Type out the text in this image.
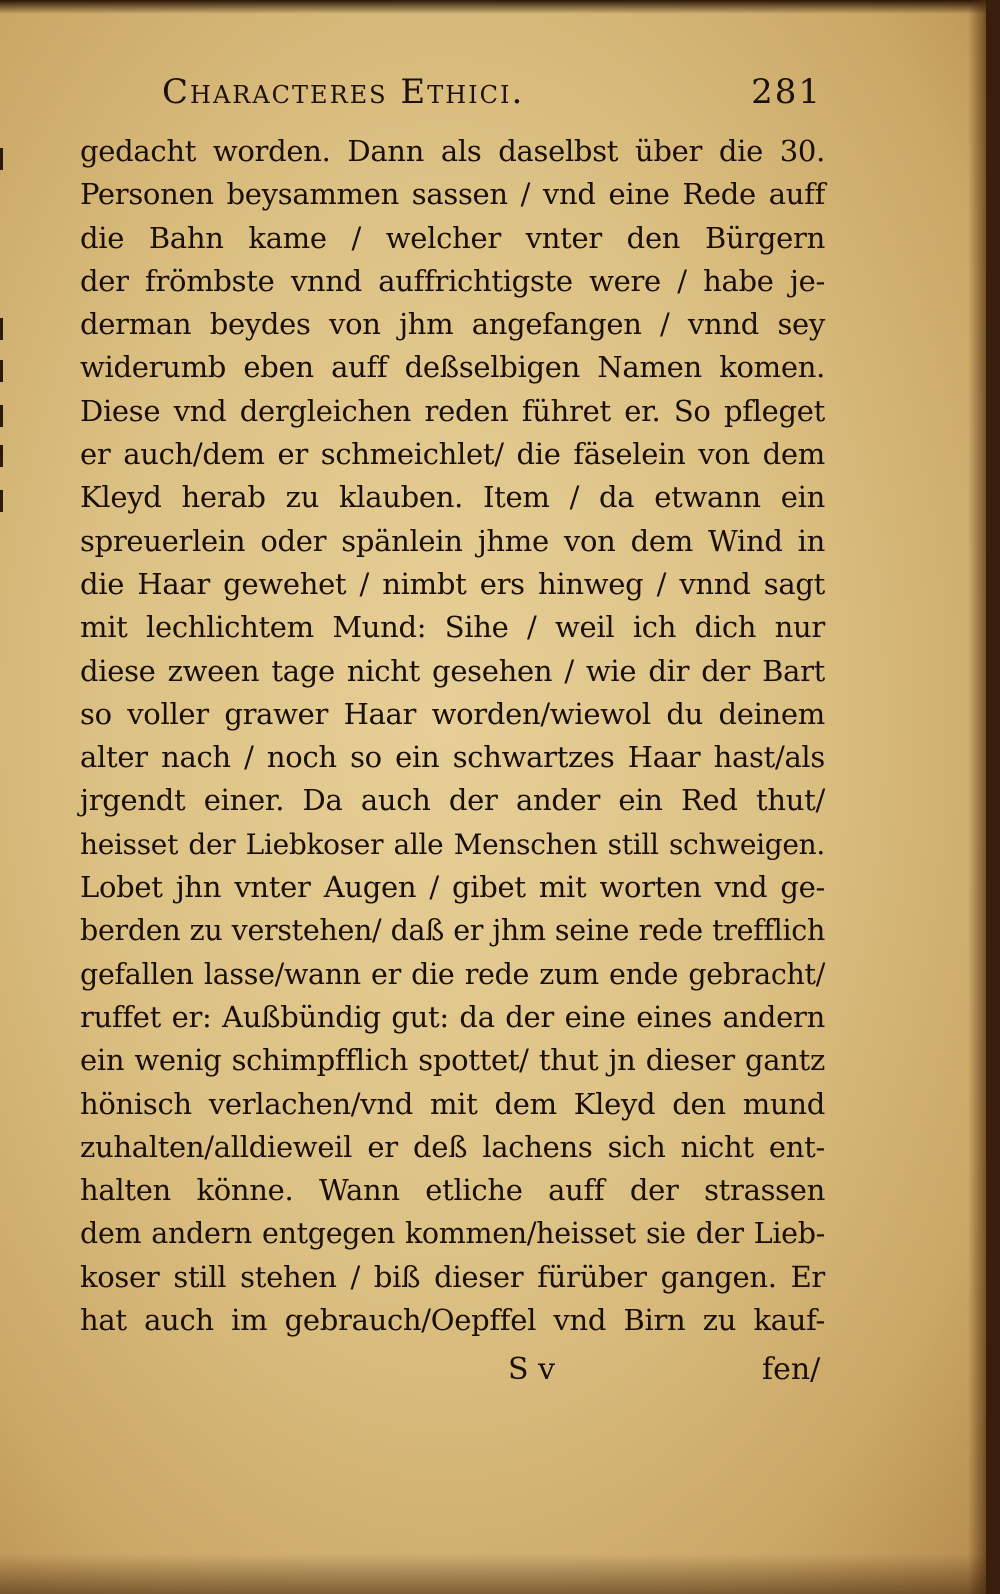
Characteres Ethici.	281
gedacht worden. Dann als daselbst über die 30.
Personen beysammen sassen / vnd eine Rede auff
die Bahn kame / welcher vnter den Bürgern
der frömbste vnnd auffrichtigste were / habe je-
derman beydes von jhm angefangen / vnnd sey
widerumb eben auff deßselbigen Namen komen.
Diese vnd dergleichen reden führet er. So pfleget
er auch/dem er schmeichlet/ die fäselein von dem
Kleyd herab zu klauben. Item / da etwann ein
spreuerlein oder spänlein jhme von dem Wind in
die Haar gewehet / nimbt ers hinweg / vnnd sagt
mit lechlichtem Mund: Sihe / weil ich dich nur
diese zween tage nicht gesehen / wie dir der Bart
so voller grawer Haar worden/wiewol du deinem
alter nach / noch so ein schwartzes Haar hast/als
jrgendt einer. Da auch der ander ein Red thut/
heisset der Liebkoser alle Menschen still schweigen.
Lobet jhn vnter Augen / gibet mit worten vnd ge-
berden zu verstehen/ daß er jhm seine rede trefflich
gefallen lasse/wann er die rede zum ende gebracht/
ruffet er: Außbündig gut: da der eine eines andern
ein wenig schimpfflich spottet/ thut jn dieser gantz
hönisch verlachen/vnd mit dem Kleyd den mund
zuhalten/alldieweil er deß lachens sich nicht ent-
halten könne. Wann etliche auff der strassen
dem andern entgegen kommen/heisset sie der Lieb-
koser still stehen / biß dieser fürüber gangen. Er
hat auch im gebrauch/Oepffel vnd Birn zu kauf-
S v	fen/
